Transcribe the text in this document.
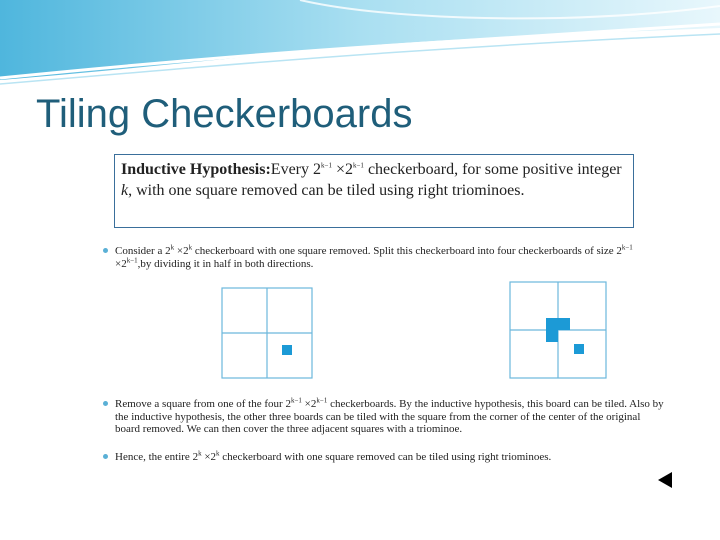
Tiling Checkerboards
Inductive Hypothesis:Every $2^{k-1} \times 2^{k-1}$ checkerboard, for some positive integer k, with one square removed can be tiled using right triominoes.
Consider a $2^k \times 2^k$ checkerboard with one square removed. Split this checkerboard into four checkerboards of size $2^{k-1} \times 2^{k-1},by$ dividing it in half in both directions.
Remove a square from one of the four $2^{k-1} \times 2^{k-1}$ checkerboards. By the inductive hypothesis, this board can be tiled. Also by the inductive hypothesis, the other three boards can be tiled with the square from the corner of the center of the original board removed. We can then cover the three adjacent squares with a triominoe.
Hence, the entire $2^k \times 2^k$ checkerboard with one square removed can be tiled using right triominoes.
